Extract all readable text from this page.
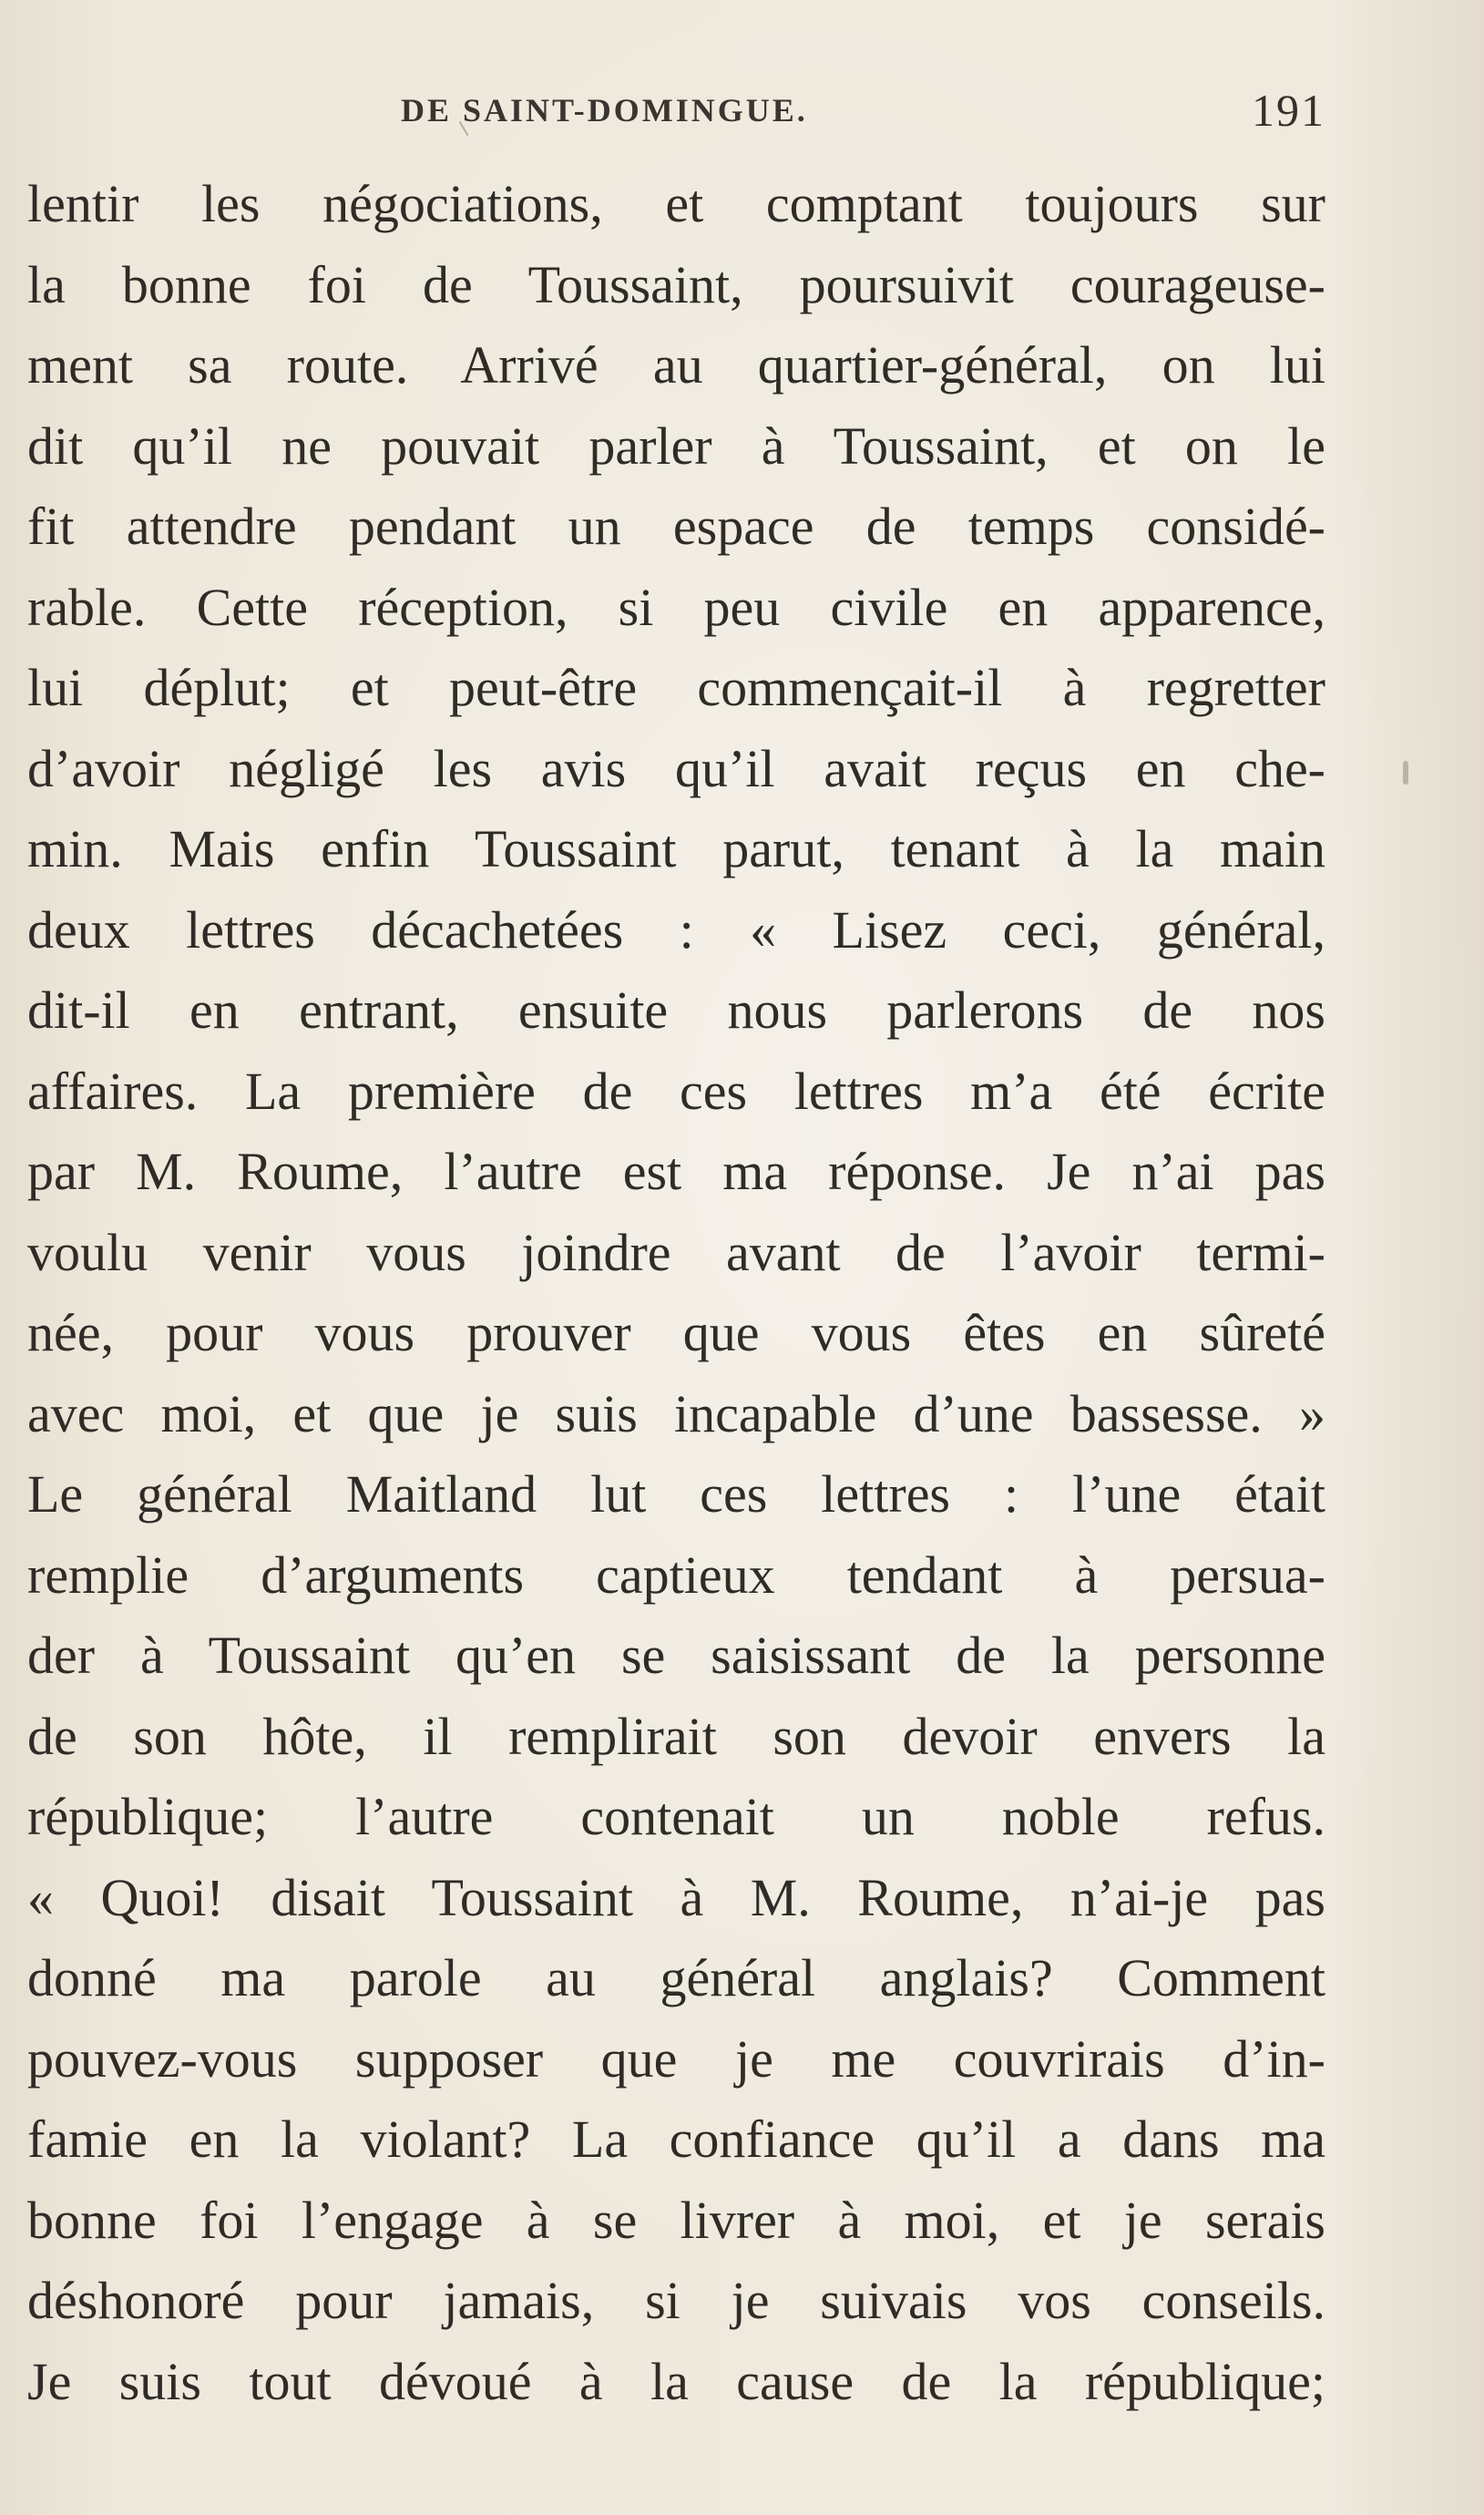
DE SAINT-DOMINGUE.	191
lentir les négociations, et comptant toujours sur
la bonne foi de Toussaint, poursuivit courageuse-
ment sa route. Arrivé au quartier-général, on lui
dit qu’il ne pouvait parler à Toussaint, et on le
fit attendre pendant un espace de temps considé-
rable. Cette réception, si peu civile en apparence,
lui déplut; et peut-être commençait-il à regretter
d’avoir négligé les avis qu’il avait reçus en che-
min. Mais enfin Toussaint parut, tenant à la main
deux lettres décachetées : « Lisez ceci, général,
dit-il en entrant, ensuite nous parlerons de nos
affaires. La première de ces lettres m’a été écrite
par M. Roume, l’autre est ma réponse. Je n’ai pas
voulu venir vous joindre avant de l’avoir termi-
née, pour vous prouver que vous êtes en sûreté
avec moi, et que je suis incapable d’une bassesse. »
Le général Maitland lut ces lettres : l’une était
remplie d’arguments captieux tendant à persua-
der à Toussaint qu’en se saisissant de la personne
de son hôte, il remplirait son devoir envers la
république; l’autre contenait un noble refus.
« Quoi! disait Toussaint à M. Roume, n’ai-je pas
donné ma parole au général anglais? Comment
pouvez-vous supposer que je me couvrirais d’in-
famie en la violant? La confiance qu’il a dans ma
bonne foi l’engage à se livrer à moi, et je serais
déshonoré pour jamais, si je suivais vos conseils.
Je suis tout dévoué à la cause de la république;
